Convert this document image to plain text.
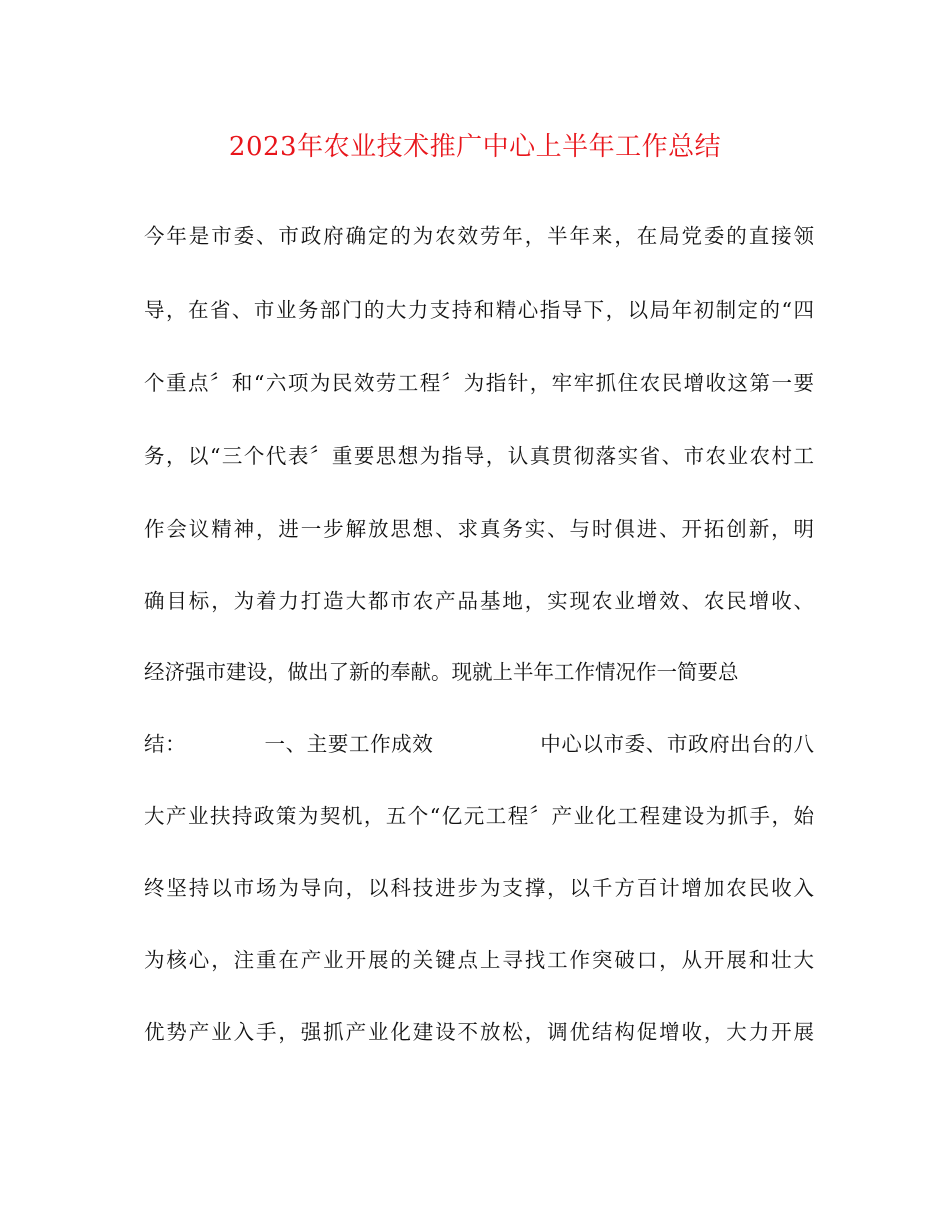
2023年农业技术推广中心上半年工作总结
今年是市委、市政府确定的为农效劳年，半年来，在局党委的直接领
导，在省、市业务部门的大力支持和精心指导下，以局年初制定的“四
个重点〞和“六项为民效劳工程〞为指针，牢牢抓住农民增收这第一要
务，以“三个代表〞重要思想为指导，认真贯彻落实省、市农业农村工
作会议精神，进一步解放思想、求真务实、与时俱进、开拓创新，明
确目标，为着力打造大都市农产品基地，实现农业增效、农民增收、
经济强市建设，做出了新的奉献。现就上半年工作情况作一简要总
结：           一、主要工作成效               中心以市委、市政府出台的八
大产业扶持政策为契机，五个“亿元工程〞产业化工程建设为抓手，始
终坚持以市场为导向，以科技进步为支撑，以千方百计增加农民收入
为核心，注重在产业开展的关键点上寻找工作突破口，从开展和壮大
优势产业入手，强抓产业化建设不放松，调优结构促增收，大力开展
